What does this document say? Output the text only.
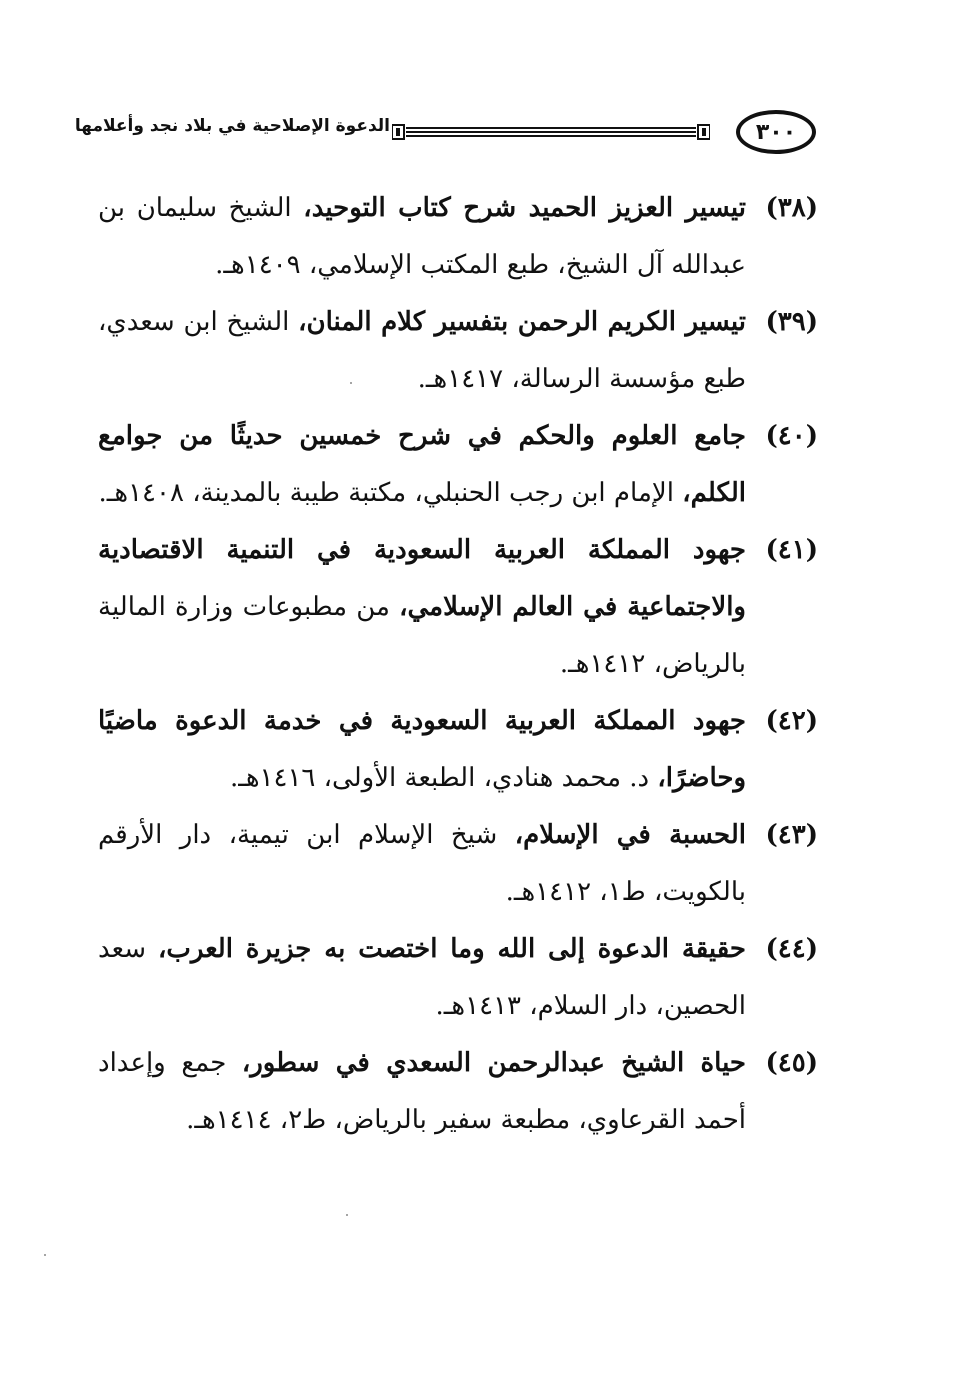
٣٠٠
الدعوة الإصلاحية في بلاد نجد وأعلامها
(٣٨)
تيسير العزيز الحميد شرح كتاب التوحيد، الشيخ سليمان بن عبدالله آل الشيخ، طبع المكتب الإسلامي، ١٤٠٩هـ.
(٣٩)
تيسير الكريم الرحمن بتفسير كلام المنان، الشيخ ابن سعدي، طبع مؤسسة الرسالة، ١٤١٧هـ.
(٤٠)
جامع العلوم والحكم في شرح خمسين حديثًا من جوامع الكلم، الإمام ابن رجب الحنبلي، مكتبة طيبة بالمدينة، ١٤٠٨هـ.
(٤١)
جهود المملكة العربية السعودية في التنمية الاقتصادية والاجتماعية في العالم الإسلامي، من مطبوعات وزارة المالية بالرياض، ١٤١٢هـ.
(٤٢)
جهود المملكة العربية السعودية في خدمة الدعوة ماضيًا وحاضرًا، د. محمد هنادي، الطبعة الأولى، ١٤١٦هـ.
(٤٣)
الحسبة في الإسلام، شيخ الإسلام ابن تيمية، دار الأرقم بالكويت، ط١، ١٤١٢هـ.
(٤٤)
حقيقة الدعوة إلى الله وما اختصت به جزيرة العرب، سعد الحصين، دار السلام، ١٤١٣هـ.
(٤٥)
حياة الشيخ عبدالرحمن السعدي في سطور، جمع وإعداد أحمد القرعاوي، مطبعة سفير بالرياض، ط٢، ١٤١٤هـ.
